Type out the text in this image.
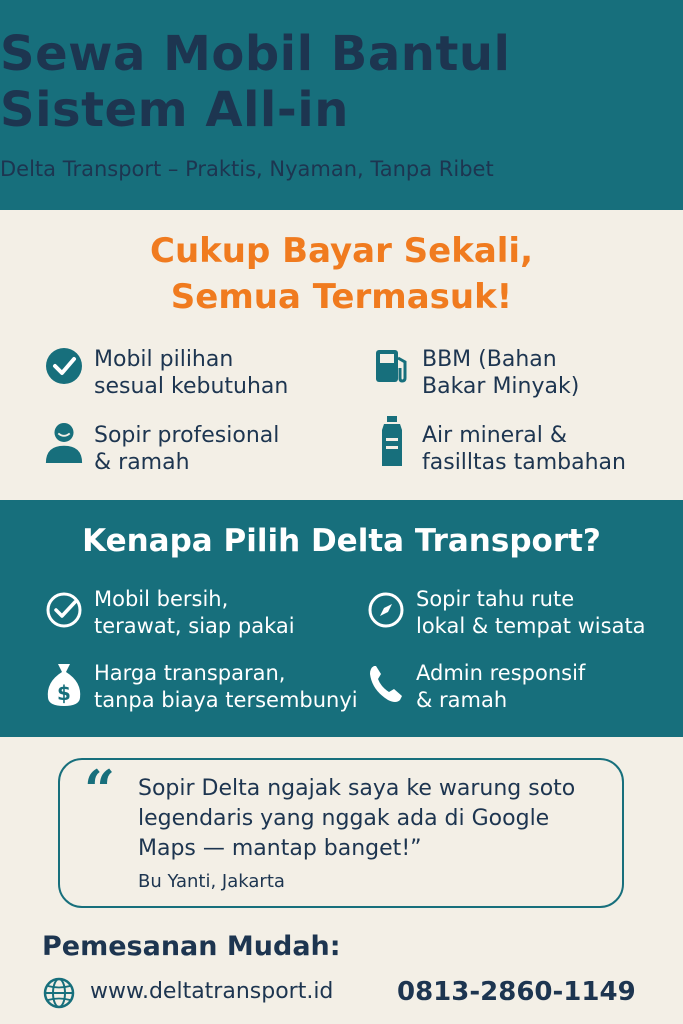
Sewa Mobil Bantul
Sistem All-in
Delta Transport – Praktis, Nyaman, Tanpa Ribet
Cukup Bayar Sekali,
Semua Termasuk!
Mobil pilihan
sesual kebutuhan
BBM (Bahan
Bakar Minyak)
Sopir profesional
& ramah
Air mineral &
fasilltas tambahan
Kenapa Pilih Delta Transport?
Mobil bersih,
terawat, siap pakai
Sopir tahu rute
lokal & tempat wisata
$
Harga transparan,
tanpa biaya tersembunyi
Admin responsif
& ramah
“ Sopir Delta ngajak saya ke warung soto legendaris yang nggak ada di Google Maps — mantap banget!”
Bu Yanti, Jakarta
Pemesanan Mudah:
www.deltatransport.id 0813-2860-1149
